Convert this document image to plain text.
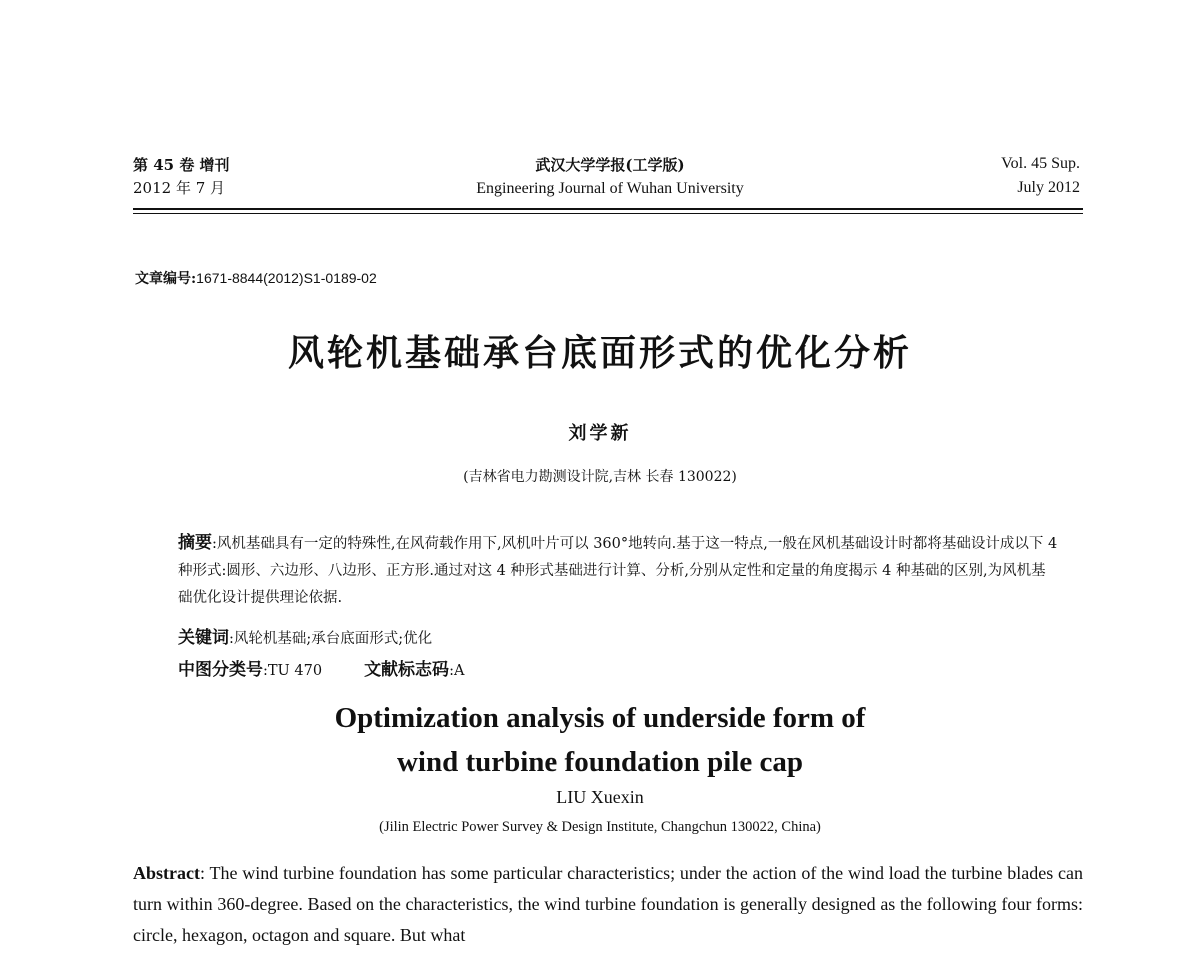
第 45 卷 增刊
2012 年 7 月
武汉大学学报(工学版)
Engineering Journal of Wuhan University
Vol. 45 Sup.
July 2012
文章编号:1671-8844(2012)S1-0189-02
风轮机基础承台底面形式的优化分析
刘学新
(吉林省电力勘测设计院,吉林 长春 130022)
摘要:风机基础具有一定的特殊性,在风荷载作用下,风机叶片可以 360°地转向.基于这一特点,一般在风机基础设计时都将基础设计成以下 4 种形式:圆形、六边形、八边形、正方形.通过对这 4 种形式基础进行计算、分析,分别从定性和定量的角度揭示 4 种基础的区别,为风机基础优化设计提供理论依据.
关键词:风轮机基础;承台底面形式;优化
中图分类号:TU 470 文献标志码:A
Optimization analysis of underside form of
wind turbine foundation pile cap
LIU Xuexin
(Jilin Electric Power Survey & Design Institute, Changchun 130022, China)
Abstract: The wind turbine foundation has some particular characteristics; under the action of the wind load the turbine blades can turn within 360-degree. Based on the characteristics, the wind turbine foundation is generally designed as the following four forms: circle, hexagon, octagon and square. But what
